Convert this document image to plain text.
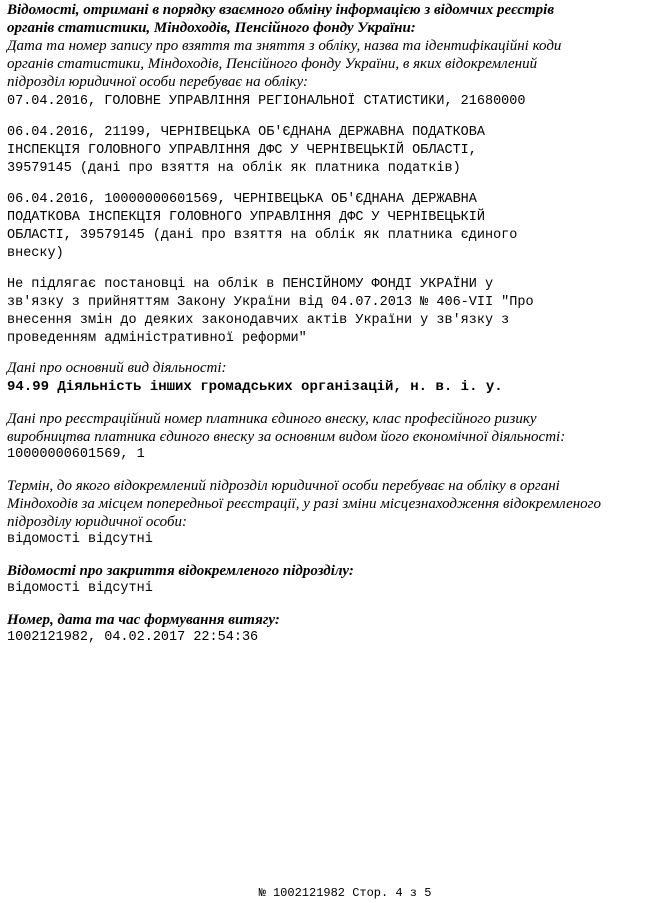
Відомості, отримані в порядку взаємного обміну інформацією з відомчих реєстрів
органів статистики, Міндоходів, Пенсійного фонду України:
Дата та номер запису про взяття та зняття з обліку, назва та ідентифікаційні коди
органів статистики, Міндоходів, Пенсійного фонду України, в яких відокремлений
підрозділ юридичної особи перебуває на обліку:
07.04.2016, ГОЛОВНЕ УПРАВЛІННЯ РЕГІОНАЛЬНОЇ СТАТИСТИКИ, 21680000
06.04.2016, 21199, ЧЕРНІВЕЦЬКА ОБ'ЄДНАНА ДЕРЖАВНА ПОДАТКОВА
ІНСПЕКЦІЯ ГОЛОВНОГО УПРАВЛІННЯ ДФС У ЧЕРНІВЕЦЬКІЙ ОБЛАСТІ,
39579145 (дані про взяття на облік як платника податків)
06.04.2016, 10000000601569, ЧЕРНІВЕЦЬКА ОБ'ЄДНАНА ДЕРЖАВНА
ПОДАТКОВА ІНСПЕКЦІЯ ГОЛОВНОГО УПРАВЛІННЯ ДФС У ЧЕРНІВЕЦЬКІЙ
ОБЛАСТІ, 39579145 (дані про взяття на облік як платника єдиного
внеску)
Не підлягає постановці на облік в ПЕНСІЙНОМУ ФОНДІ УКРАЇНИ у
зв'язку з прийняттям Закону України від 04.07.2013 № 406-VII "Про
внесення змін до деяких законодавчих актів України у зв'язку з
проведенням адміністративної реформи"
Дані про основний вид діяльності:
94.99 Діяльність інших громадських організацій, н. в. і. у.
Дані про реєстраційний номер платника єдиного внеску, клас професійного ризику
виробництва платника єдиного внеску за основним видом його економічної діяльності:
10000000601569, 1
Термін, до якого відокремлений підрозділ юридичної особи перебуває на обліку в органі
Міндоходів за місцем попередньої реєстрації, у разі зміни місцезнаходження відокремленого
підрозділу юридичної особи:
відомості відсутні
Відомості про закриття відокремленого підрозділу:
відомості відсутні
Номер, дата та час формування витягу:
1002121982, 04.02.2017 22:54:36
№ 1002121982 Стор. 4 з 5
